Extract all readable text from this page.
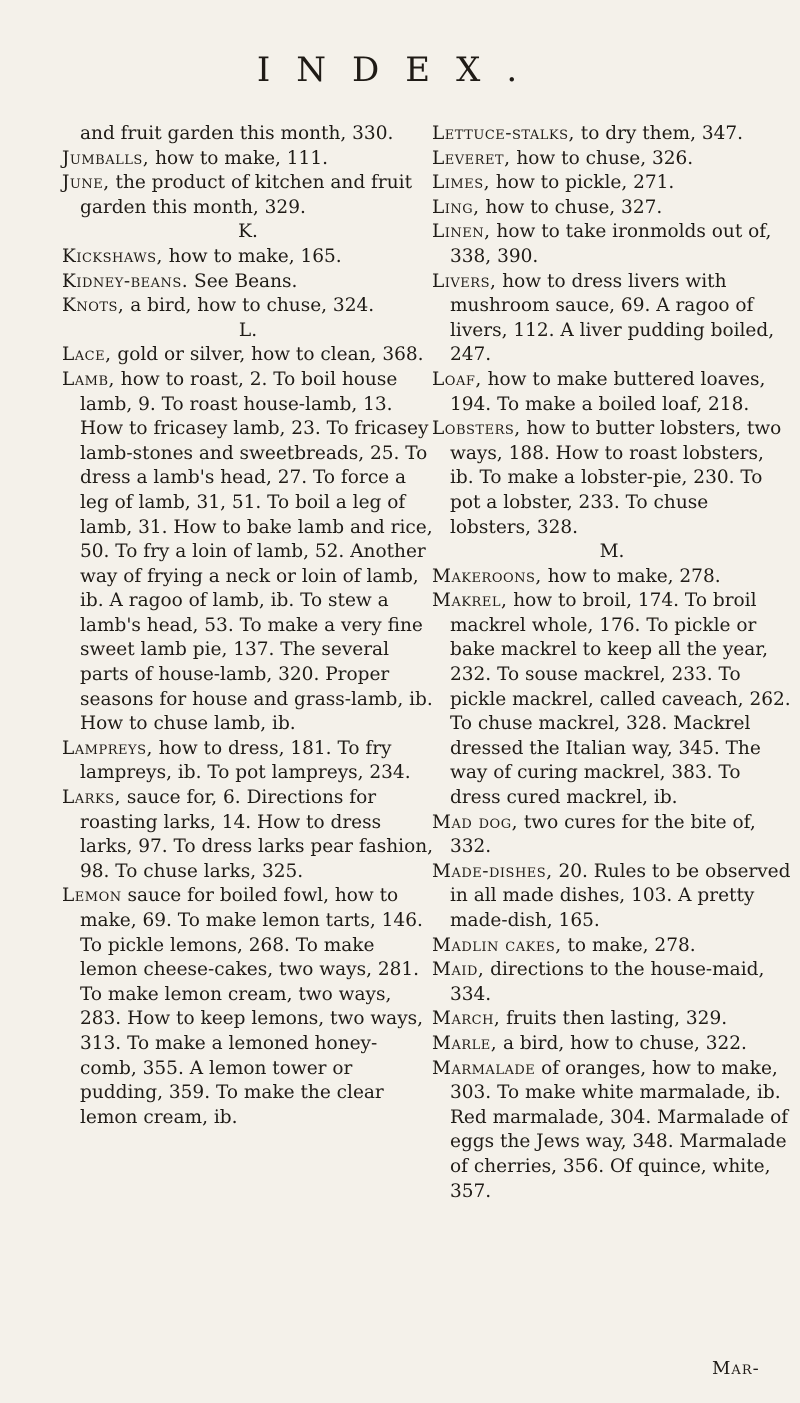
INDEX.

and fruit garden this month, 330.

Jumballs, how to make, 111.

June, the product of kitchen and fruit garden this month, 329.

K.

Kickshaws, how to make, 165.

Kidney-beans. See Beans.

Knots, a bird, how to chuse, 324.

L.

Lace, gold or silver, how to clean, 368.

Lamb, how to roast, 2. To boil house lamb, 9. To roast house-lamb, 13. How to fricasey lamb, 23. To fricasey lamb-stones and sweetbreads, 25. To dress a lamb's head, 27. To force a leg of lamb, 31, 51. To boil a leg of lamb, 31. How to bake lamb and rice, 50. To fry a loin of lamb, 52. Another way of frying a neck or loin of lamb, ib. A ragoo of lamb, ib. To stew a lamb's head, 53. To make a very fine sweet lamb pie, 137. The several parts of house-lamb, 320. Proper seasons for house and grass-lamb, ib. How to chuse lamb, ib.

Lampreys, how to dress, 181. To fry lampreys, ib. To pot lampreys, 234.

Larks, sauce for, 6. Directions for roasting larks, 14. How to dress larks, 97. To dress larks pear fashion, 98. To chuse larks, 325.

Lemon sauce for boiled fowl, how to make, 69. To make lemon tarts, 146. To pickle lemons, 268. To make lemon cheese-cakes, two ways, 281. To make lemon cream, two ways, 283. How to keep lemons, two ways, 313. To make a lemoned honey-comb, 355. A lemon tower or pudding, 359. To make the clear lemon cream, ib.

Lettuce-stalks, to dry them, 347.

Leveret, how to chuse, 326.

Limes, how to pickle, 271.

Ling, how to chuse, 327.

Linen, how to take ironmolds out of, 338, 390.

Livers, how to dress livers with mushroom sauce, 69. A ragoo of livers, 112. A liver pudding boiled, 247.

Loaf, how to make buttered loaves, 194. To make a boiled loaf, 218.

Lobsters, how to butter lobsters, two ways, 188. How to roast lobsters, ib. To make a lobster-pie, 230. To pot a lobster, 233. To chuse lobsters, 328.

M.

Makeroons, how to make, 278.

Makrel, how to broil, 174. To broil mackrel whole, 176. To pickle or bake mackrel to keep all the year, 232. To souse mackrel, 233. To pickle mackrel, called caveach, 262. To chuse mackrel, 328. Mackrel dressed the Italian way, 345. The way of curing mackrel, 383. To dress cured mackrel, ib.

Mad dog, two cures for the bite of, 332.

Made-dishes, 20. Rules to be observed in all made dishes, 103. A pretty made-dish, 165.

Madlin cakes, to make, 278.

Maid, directions to the house-maid, 334.

March, fruits then lasting, 329.

Marle, a bird, how to chuse, 322.

Marmalade of oranges, how to make, 303. To make white marmalade, ib. Red marmalade, 304. Marmalade of eggs the Jews way, 348. Marmalade of cherries, 356. Of quince, white, 357.

Mar-
